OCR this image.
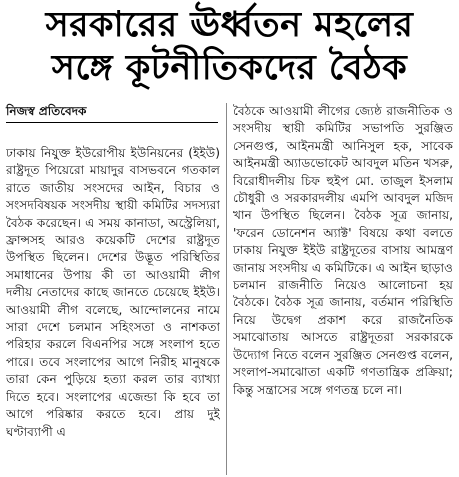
সরকারের ঊর্ধ্বতন মহলের
সঙ্গে কূটনীতিকদের বৈঠক
নিজস্ব প্রতিবেদক

ঢাকায় নিযুক্ত ইউরোপীয় ইউনিয়নের (ইইউ) রাষ্ট্রদূত পিয়েরো মায়াদুর বাসভবনে গতকাল রাতে জাতীয় সংসদের আইন, বিচার ও সংসদবিষয়ক সংসদীয় স্থায়ী কমিটির সদস্যরা বৈঠক করেছেন। এ সময় কানাডা, অস্ট্রেলিয়া, ফ্রান্সসহ আরও কয়েকটি দেশের রাষ্ট্রদূত উপস্থিত ছিলেন। দেশের উদ্ভূত পরিস্থিতির সমাধানের উপায় কী তা আওয়ামী লীগ দলীয় নেতাদের কাছে জানতে চেয়েছে ইইউ। আওয়ামী লীগ বলেছে, আন্দোলনের নামে সারা দেশে চলমান সহিংসতা ও নাশকতা পরিহার করলে বিএনপির সঙ্গে সংলাপ হতে পারে। তবে সংলাপের আগে নিরীহ মানুষকে তারা কেন পুড়িয়ে হত্যা করল তার ব্যাখ্যা দিতে হবে। সংলাপের এজেন্ডা কি হবে তা আগে পরিষ্কার করতে হবে। প্রায় দুই ঘণ্টাব্যাপী এ

বৈঠকে আওয়ামী লীগের জ্যেষ্ঠ রাজনীতিক ও সংসদীয় স্থায়ী কমিটির সভাপতি সুরঞ্জিত সেনগুপ্ত, আইনমন্ত্রী আনিসুল হক, সাবেক আইনমন্ত্রী অ্যাডভোকেট আবদুল মতিন খসরু, বিরোধীদলীয় চিফ হুইপ মো. তাজুল ইসলাম চৌধুরী ও সরকারদলীয় এমপি আবদুল মজিদ খান উপস্থিত ছিলেন। বৈঠক সূত্র জানায়, 'ফরেন ডোনেশন অ্যাক্ট' বিষয়ে কথা বলতে ঢাকায় নিযুক্ত ইইউ রাষ্ট্রদূতের বাসায় আমন্ত্রণ জানায় সংসদীয় এ কমিটিকে। এ আইন ছাড়াও চলমান রাজনীতি নিয়েও আলোচনা হয় বৈঠকে। বৈঠক সূত্র জানায়, বর্তমান পরিস্থিতি নিয়ে উদ্বেগ প্রকাশ করে রাজনৈতিক সমাঝোতায় আসতে রাষ্ট্রদূতরা সরকারকে উদ্যোগ নিতে বলেন সুরঞ্জিত সেনগুপ্ত বলেন, সংলাপ-সমাঝোতা একটি গণতান্ত্রিক প্রক্রিয়া; কিন্তু সন্ত্রাসের সঙ্গে গণতন্ত্র চলে না।
